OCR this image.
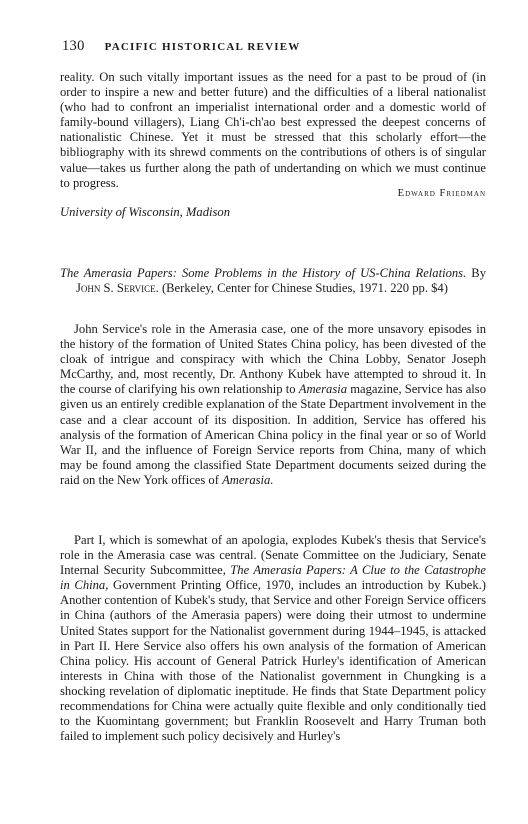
130 PACIFIC HISTORICAL REVIEW
reality. On such vitally important issues as the need for a past to be proud of (in order to inspire a new and better future) and the difficulties of a liberal nationalist (who had to confront an imperialist international order and a domestic world of family-bound villagers), Liang Ch'i-ch'ao best expressed the deepest concerns of nationalistic Chinese. Yet it must be stressed that this scholarly effort—the bibliography with its shrewd comments on the contributions of others is of singular value—takes us further along the path of undertanding on which we must continue to progress.
Edward Friedman
University of Wisconsin, Madison
The Amerasia Papers: Some Problems in the History of US-China Relations. By John S. Service. (Berkeley, Center for Chinese Studies, 1971. 220 pp. $4)
John Service's role in the Amerasia case, one of the more unsavory episodes in the history of the formation of United States China policy, has been divested of the cloak of intrigue and conspiracy with which the China Lobby, Senator Joseph McCarthy, and, most recently, Dr. Anthony Kubek have attempted to shroud it. In the course of clarifying his own relationship to Amerasia magazine, Service has also given us an entirely credible explanation of the State Department involvement in the case and a clear account of its disposition. In addition, Service has offered his analysis of the formation of American China policy in the final year or so of World War II, and the influence of Foreign Service reports from China, many of which may be found among the classified State Department documents seized during the raid on the New York offices of Amerasia.
Part I, which is somewhat of an apologia, explodes Kubek's thesis that Service's role in the Amerasia case was central. (Senate Committee on the Judiciary, Senate Internal Security Subcommittee, The Amerasia Papers: A Clue to the Catastrophe in China, Government Printing Office, 1970, includes an introduction by Kubek.) Another contention of Kubek's study, that Service and other Foreign Service officers in China (authors of the Amerasia papers) were doing their utmost to undermine United States support for the Nationalist government during 1944–1945, is attacked in Part II. Here Service also offers his own analysis of the formation of American China policy. His account of General Patrick Hurley's identification of American interests in China with those of the Nationalist government in Chungking is a shocking revelation of diplomatic ineptitude. He finds that State Department policy recommendations for China were actually quite flexible and only conditionally tied to the Kuomintang government; but Franklin Roosevelt and Harry Truman both failed to implement such policy decisively and Hurley's
